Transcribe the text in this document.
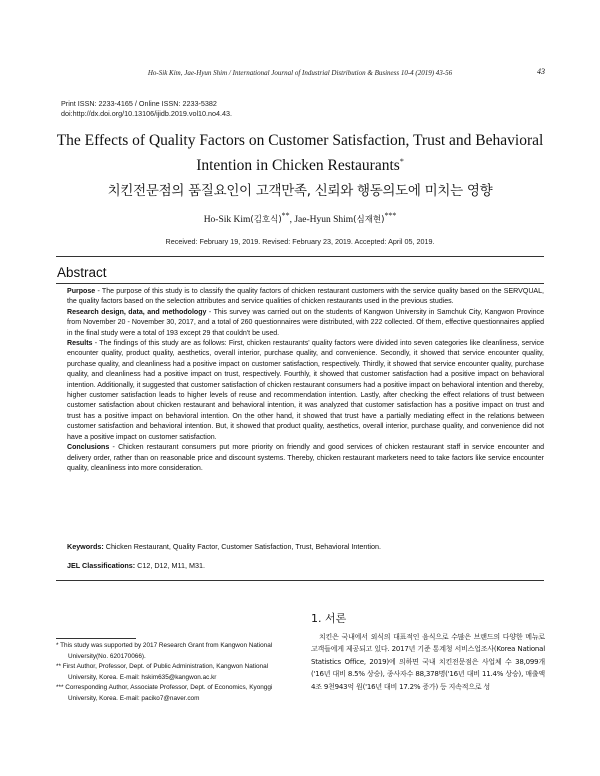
Ho-Sik Kim, Jae-Hyun Shim / International Journal of Industrial Distribution & Business 10-4 (2019) 43-56	43
Print ISSN: 2233-4165 / Online ISSN: 2233-5382
doi:http://dx.doi.org/10.13106/ijidb.2019.vol10.no4.43.
The Effects of Quality Factors on Customer Satisfaction, Trust and Behavioral
Intention in Chicken Restaurants*
치킨전문점의 품질요인이 고객만족, 신뢰와 행동의도에 미치는 영향
Ho-Sik Kim(김호식)**, Jae-Hyun Shim(심재현)***
Received: February 19, 2019. Revised: February 23, 2019. Accepted: April 05, 2019.
Abstract

Purpose - The purpose of this study is to classify the quality factors of chicken restaurant customers with the service quality based on the SERVQUAL, the quality factors based on the selection attributes and service qualities of chicken restaurants used in the previous studies.

Research design, data, and methodology - This survey was carried out on the students of Kangwon University in Samchuk City, Kangwon Province from November 20 - November 30, 2017, and a total of 260 questionnaires were distributed, with 222 collected. Of them, effective questionnaires applied in the final study were a total of 193 except 29 that couldn't be used.

Results - The findings of this study are as follows: First, chicken restaurants' quality factors were divided into seven categories like cleanliness, service encounter quality, product quality, aesthetics, overall interior, purchase quality, and convenience. Secondly, it showed that service encounter quality, purchase quality, and cleanliness had a positive impact on customer satisfaction, respectively. Thirdly, it showed that service encounter quality, purchase quality, and cleanliness had a positive impact on trust, respectively. Fourthly, it showed that customer satisfaction had a positive impact on behavioral intention. Additionally, it suggested that customer satisfaction of chicken restaurant consumers had a positive impact on behavioral intention and thereby, higher customer satisfaction leads to higher levels of reuse and recommendation intention. Lastly, after checking the effect relations of trust between customer satisfaction about chicken restaurant and behavioral intention, it was analyzed that customer satisfaction has a positive impact on trust and trust has a positive impact on behavioral intention. On the other hand, it showed that trust have a partially mediating effect in the relations between customer satisfaction and behavioral intention. But, it showed that product quality, aesthetics, overall interior, purchase quality, and convenience did not have a positive impact on customer satisfaction.

Conclusions - Chicken restaurant consumers put more priority on friendly and good services of chicken restaurant staff in service encounter and delivery order, rather than on reasonable price and discount systems. Thereby, chicken restaurant marketers need to take factors like service encounter quality, cleanliness into more consideration.

Keywords: Chicken Restaurant, Quality Factor, Customer Satisfaction, Trust, Behavioral Intention.
JEL Classifications: C12, D12, M11, M31.
* This study was supported by 2017 Research Grant from Kangwon National University(No. 620170066).
** First Author, Professor, Dept. of Public Administration, Kangwon National University, Korea. E-mail: hskim635@kangwon.ac.kr
*** Corresponding Author, Associate Professor, Dept. of Economics, Kyonggi University, Korea. E-mail: paciko7@naver.com
1. 서론

치킨은 국내에서 외식의 대표적인 음식으로 수많은 브랜드의 다양한 메뉴로 고객들에게 제공되고 있다. 2017년 기준 통계청 서비스업조사(Korea National Statistics Office, 2019)에 의하면 국내 치킨전문점은 사업체 수 38,099개('16년 대비 8.5% 상승), 종사자수 88,378명('16년 대비 11.4% 상승), 매출액 4조 9천943억 원('16년 대비 17.2% 증가) 등 지속적으로 성
